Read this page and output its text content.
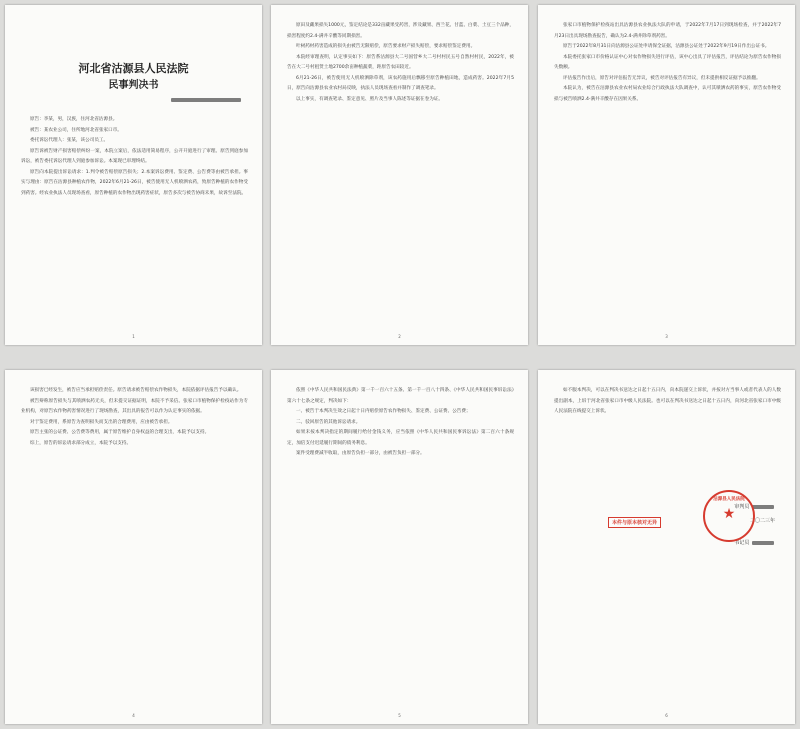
河北省沽源县人民法院
民事判决书

原告：李某，男，汉族，住河北省沽源县。

被告：某农业公司，住所地河北省张家口市。

委托诉讼代理人：张某，该公司员工。

原告诉被告财产损害赔偿纠纷一案，本院立案后，依法适用简易程序，公开开庭进行了审理。原告到庭参加诉讼，被告委托诉讼代理人到庭参加诉讼。本案现已审理终结。

原告向本院提出诉讼请求：1.判令被告赔偿原告损失；2.本案诉讼费用、鉴定费、公告费等由被告承担。事实与理由：原告在沽源县种植农作物，2022年6月21-26日，被告使用无人机喷洒农药，致原告种植的农作物受到药害。经农业执法人员现场查看，原告种植的农作物出现药害症状，原告多次与被告协商未果，故诉至法院。

1

原田及藏果损失1000元，鉴定结论是332亩藏果受药害，涉及藏果、西兰花、甘蓝、白菜、土豆三个品种，损害程度约2.4-满井辛酸等同期损害。

叶树药材药害造成的损失由被告无限赔偿，原告要求财产损失赔偿，要求赔偿鉴定费用。

本院经审理查明，认定事实如下：原告系沽源县大二号国营乡大二号村村民五号自然村村民，2022年，被告在大二号村租赁土地2700余亩种植蔬菜，距原告农田较近。

6月21-26日，被告使用无人机喷洒除草剂，该农药施用后飘移至原告种植田地，造成药害。2022年7月5日，原告向沽源县农业农村局反映，执法人员现场查看并制作了调查笔录。

以上事实，有调查笔录、鉴定意见、照片及当事人陈述等证据在卷为证。

2

张家口市植物保护检疫站出具沽源县农业执法大队的申请，于2022年7月17日到现场检查，并于2022年7月23日出具现场勘查报告，确认为2.4-满井除草剂药害。

原告于2022年8月31日向沽源县公证处申请保全证据，沽源县公证处于2022年9月19日作出公证书。

本院委托张家口市价格认证中心对农作物损失进行评估，该中心出具了评估报告，评估结论为原告农作物损失数额。

评估报告作出后，原告对评估报告无异议，被告对评估报告有异议，但未提供相反证据予以推翻。

本院认为，被告在沽源县农业农村局农业综合行政执法大队调查中，认可其喷洒农药的事实，原告农作物受损与被告喷洒2.4-满井辛酸存在因果关系。

3

该损害已经发生，被告应当承担赔偿责任。原告请求被告赔偿农作物损失，本院依据评估报告予以确认。

被告辩称原告损失与其喷洒农药无关，但未提交证据证明，本院不予采信。张家口市植物保护检疫站作为专业机构，对原告农作物药害情况进行了现场勘查，其出具的报告可以作为认定事实的依据。

对于鉴定费用，系原告为查明损失而支出的合理费用，应由被告承担。

原告主张的公证费、公告费等费用，属于原告维护自身权益的合理支出，本院予以支持。

综上，原告的诉讼请求部分成立，本院予以支持。

4

依照《中华人民共和国民法典》第一千一百六十五条、第一千一百八十四条、《中华人民共和国民事诉讼法》第六十七条之规定，判决如下：

一、被告于本判决生效之日起十日内赔偿原告农作物损失、鉴定费、公证费、公告费；

二、驳回原告的其他诉讼请求。

如果未按本判决指定的期间履行给付金钱义务，应当依照《中华人民共和国民事诉讼法》第二百六十条规定，加倍支付迟延履行期间的债务利息。

案件受理费减半收取，由原告负担一部分，由被告负担一部分。

5

如不服本判决，可以在判决书送达之日起十五日内，向本院递交上诉状，并按对方当事人或者代表人的人数提出副本，上诉于河北省张家口市中级人民法院。也可以在判决书送达之日起十五日内，向河北省张家口市中级人民法院在线提交上诉状。

审判员
二〇二三年
书记员
沽源县人民法院
★
本件与原本核对无异
6
